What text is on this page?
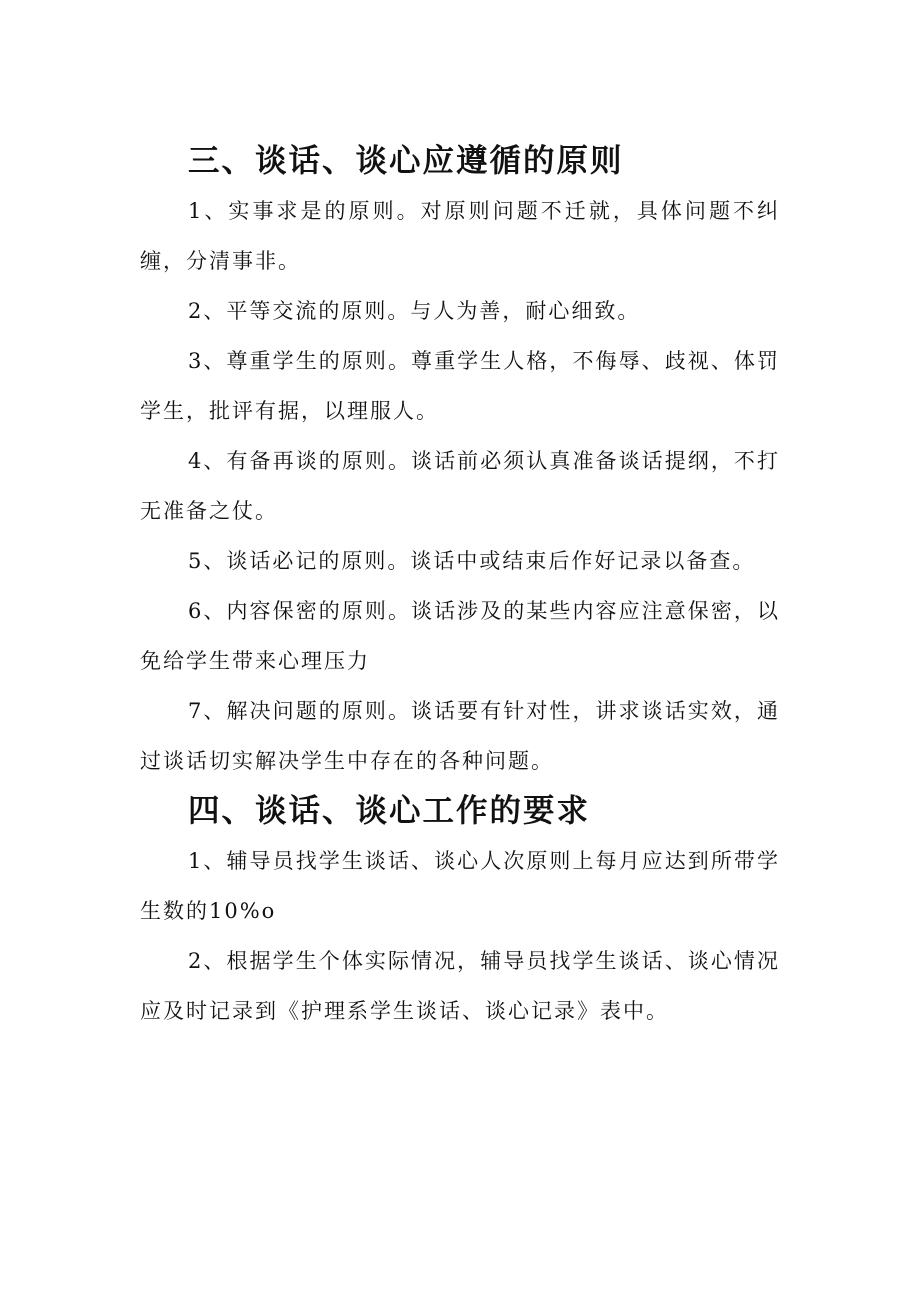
三、谈话、谈心应遵循的原则

1、实事求是的原则。对原则问题不迁就，具体问题不纠缠，分清事非。

2、平等交流的原则。与人为善，耐心细致。

3、尊重学生的原则。尊重学生人格，不侮辱、歧视、体罚学生，批评有据，以理服人。

4、有备再谈的原则。谈话前必须认真准备谈话提纲，不打无准备之仗。

5、谈话必记的原则。谈话中或结束后作好记录以备查。

6、内容保密的原则。谈话涉及的某些内容应注意保密，以免给学生带来心理压力

7、解决问题的原则。谈话要有针对性，讲求谈话实效，通过谈话切实解决学生中存在的各种问题。

四、谈话、谈心工作的要求

1、辅导员找学生谈话、谈心人次原则上每月应达到所带学生数的10%o

2、根据学生个体实际情况，辅导员找学生谈话、谈心情况应及时记录到《护理系学生谈话、谈心记录》表中。
